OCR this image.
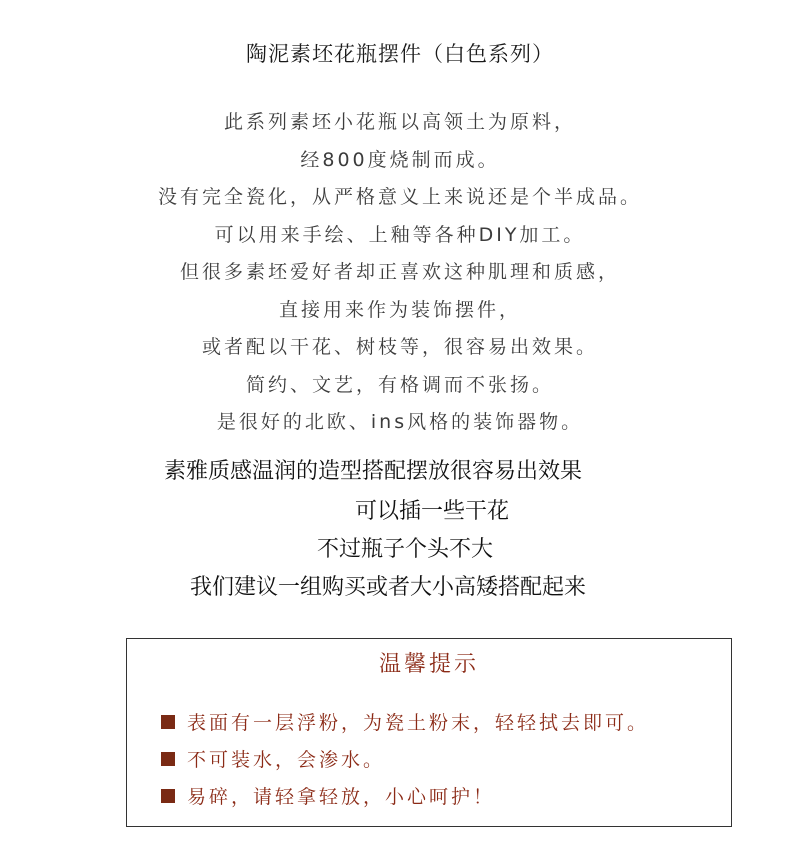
陶泥素坯花瓶摆件（白色系列）
此系列素坯小花瓶以高领土为原料，
经800度烧制而成。
没有完全瓷化，从严格意义上来说还是个半成品。
可以用来手绘、上釉等各种DIY加工。
但很多素坯爱好者却正喜欢这种肌理和质感，
直接用来作为装饰摆件，
或者配以干花、树枝等，很容易出效果。
简约、文艺，有格调而不张扬。
是很好的北欧、ins风格的装饰器物。
素雅质感温润的造型搭配摆放很容易出效果
可以插一些干花
不过瓶子个头不大
我们建议一组购买或者大小高矮搭配起来
温馨提示
表面有一层浮粉，为瓷土粉末，轻轻拭去即可。
不可装水，会渗水。
易碎，请轻拿轻放，小心呵护！
